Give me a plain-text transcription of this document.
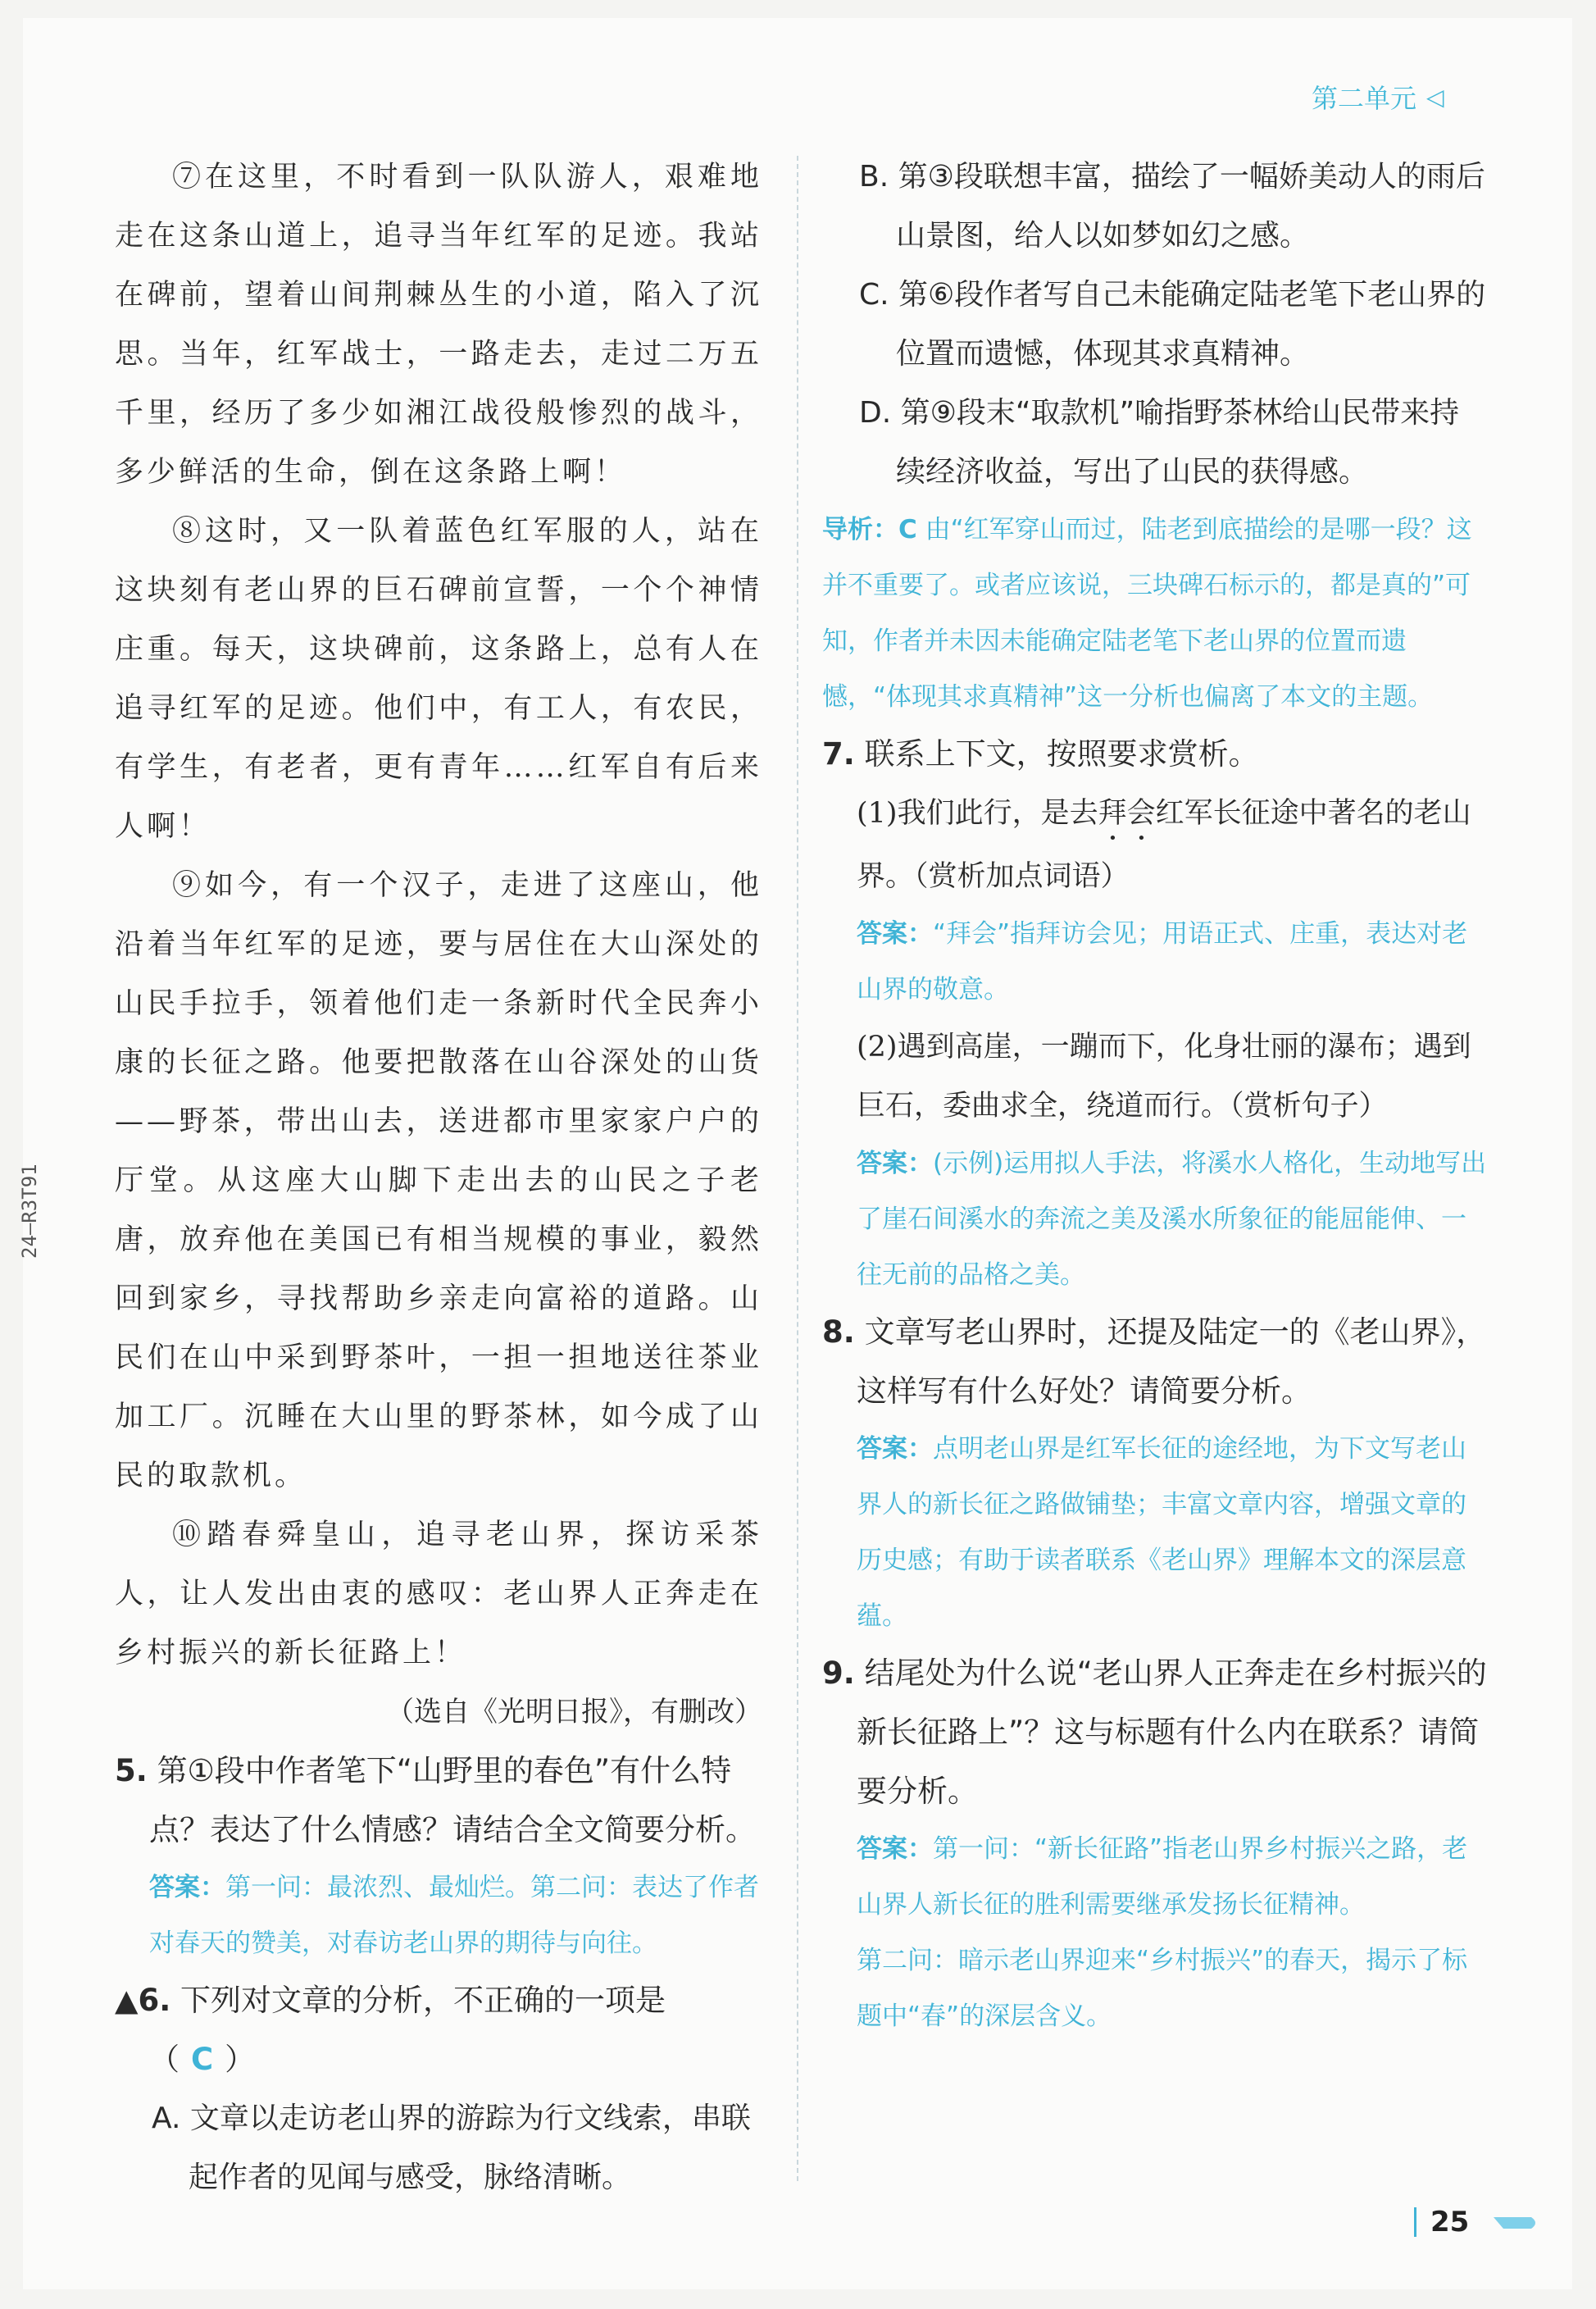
第二单元 ◁
24—R3T91

⑦在这里，不时看到一队队游人，艰难地走在这条山道上，追寻当年红军的足迹。我站在碑前，望着山间荆棘丛生的小道，陷入了沉思。当年，红军战士，一路走去，走过二万五千里，经历了多少如湘江战役般惨烈的战斗，多少鲜活的生命，倒在这条路上啊！

⑧这时，又一队着蓝色红军服的人，站在这块刻有老山界的巨石碑前宣誓，一个个神情庄重。每天，这块碑前，这条路上，总有人在追寻红军的足迹。他们中，有工人，有农民，有学生，有老者，更有青年……红军自有后来人啊！

⑨如今，有一个汉子，走进了这座山，他沿着当年红军的足迹，要与居住在大山深处的山民手拉手，领着他们走一条新时代全民奔小康的长征之路。他要把散落在山谷深处的山货——野茶，带出山去，送进都市里家家户户的厅堂。从这座大山脚下走出去的山民之子老唐，放弃他在美国已有相当规模的事业，毅然回到家乡，寻找帮助乡亲走向富裕的道路。山民们在山中采到野茶叶，一担一担地送往茶业加工厂。沉睡在大山里的野茶林，如今成了山民的取款机。

⑩踏春舜皇山，追寻老山界，探访采茶人，让人发出由衷的感叹：老山界人正奔走在乡村振兴的新长征路上！

（选自《光明日报》，有删改）

5. 第①段中作者笔下“山野里的春色”有什么特点？表达了什么情感？请结合全文简要分析。

答案：第一问：最浓烈、最灿烂。第二问：表达了作者对春天的赞美，对春访老山界的期待与向往。

▲6. 下列对文章的分析，不正确的一项是（ C ）

A. 文章以走访老山界的游踪为行文线索，串联起作者的见闻与感受，脉络清晰。

B. 第③段联想丰富，描绘了一幅娇美动人的雨后山景图，给人以如梦如幻之感。

C. 第⑥段作者写自己未能确定陆老笔下老山界的位置而遗憾，体现其求真精神。

D. 第⑨段末“取款机”喻指野茶林给山民带来持续经济收益，写出了山民的获得感。

导析：C 由“红军穿山而过，陆老到底描绘的是哪一段？这并不重要了。或者应该说，三块碑石标示的，都是真的”可知，作者并未因未能确定陆老笔下老山界的位置而遗憾，“体现其求真精神”这一分析也偏离了本文的主题。

7. 联系上下文，按照要求赏析。

(1)我们此行，是去拜会红军长征途中著名的老山界。（赏析加点词语）

答案：“拜会”指拜访会见；用语正式、庄重，表达对老山界的敬意。

(2)遇到高崖，一蹦而下，化身壮丽的瀑布；遇到巨石，委曲求全，绕道而行。（赏析句子）

答案：(示例)运用拟人手法，将溪水人格化，生动地写出了崖石间溪水的奔流之美及溪水所象征的能屈能伸、一往无前的品格之美。

8. 文章写老山界时，还提及陆定一的《老山界》，这样写有什么好处？请简要分析。

答案：点明老山界是红军长征的途经地，为下文写老山界人的新长征之路做铺垫；丰富文章内容，增强文章的历史感；有助于读者联系《老山界》理解本文的深层意蕴。

9. 结尾处为什么说“老山界人正奔走在乡村振兴的新长征路上”？这与标题有什么内在联系？请简要分析。

答案：第一问：“新长征路”指老山界乡村振兴之路，老山界人新长征的胜利需要继承发扬长征精神。

第二问：暗示老山界迎来“乡村振兴”的春天，揭示了标题中“春”的深层含义。

25
